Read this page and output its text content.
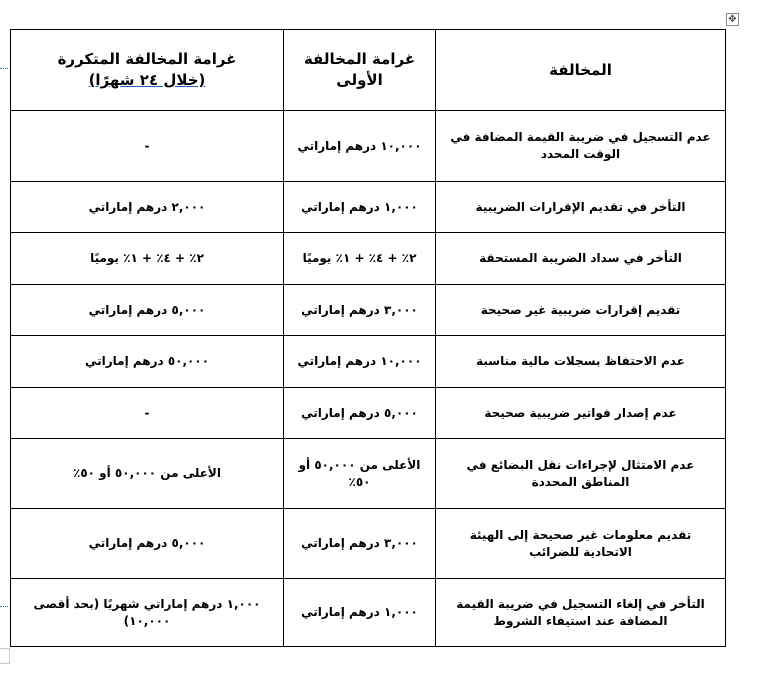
✥
المخالفة	غرامة المخالفة الأولى	غرامة المخالفة المتكررة
(خلال ٢٤ شهرًا)

عدم التسجيل في ضريبة القيمة المضافة في الوقت المحدد	١٠,٠٠٠ درهم إماراتي	-
التأخر في تقديم الإقرارات الضريبية	١,٠٠٠ درهم إماراتي	٢,٠٠٠ درهم إماراتي
التأخر في سداد الضريبة المستحقة	٢٪ + ٤٪ + ١٪ يوميًا	٢٪ + ٤٪ + ١٪ يوميًا
تقديم إقرارات ضريبية غير صحيحة	٣,٠٠٠ درهم إماراتي	٥,٠٠٠ درهم إماراتي
عدم الاحتفاظ بسجلات مالية مناسبة	١٠,٠٠٠ درهم إماراتي	٥٠,٠٠٠ درهم إماراتي
عدم إصدار فواتير ضريبية صحيحة	٥,٠٠٠ درهم إماراتي	-
عدم الامتثال لإجراءات نقل البضائع في المناطق المحددة	الأعلى من ٥٠,٠٠٠ أو ٥٠٪	الأعلى من ٥٠,٠٠٠ أو ٥٠٪
تقديم معلومات غير صحيحة إلى الهيئة الاتحادية للضرائب	٣,٠٠٠ درهم إماراتي	٥,٠٠٠ درهم إماراتي
التأخر في إلغاء التسجيل في ضريبة القيمة المضافة عند استيفاء الشروط	١,٠٠٠ درهم إماراتي	١,٠٠٠ درهم إماراتي شهريًا (بحد أقصى ١٠,٠٠٠)
